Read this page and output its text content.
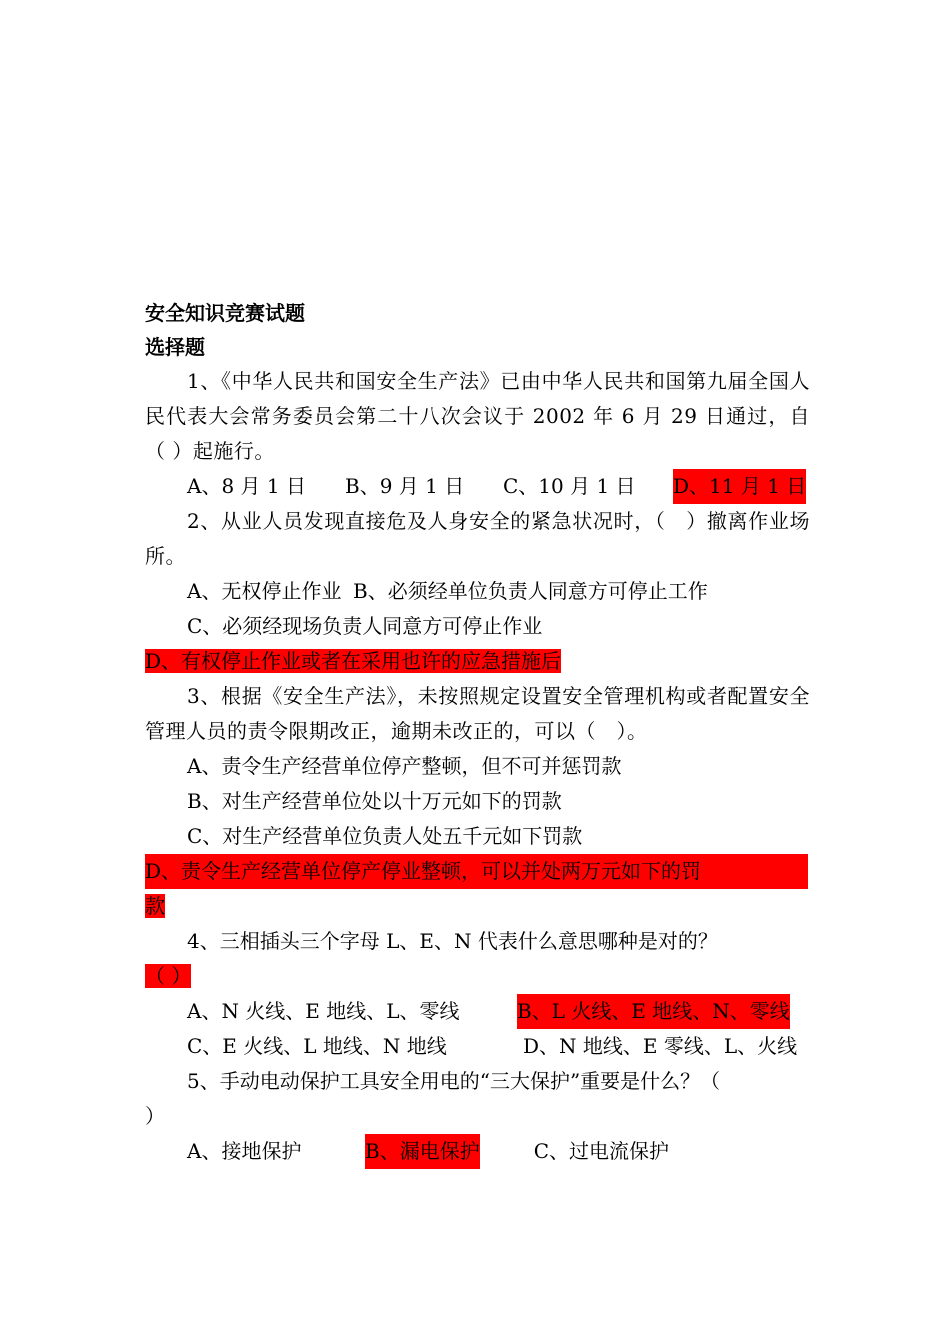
安全知识竞赛试题
选择题
1、《中华人民共和国安全生产法》已由中华人民共和国第九届全国人民代表大会常务委员会第二十八次会议于 2002 年 6 月 29 日通过，自（ ）起施行。
A、8 月 1 日 B、9 月 1 日 C、10 月 1 日 D、11 月 1 日
2、从业人员发现直接危及人身安全的紧急状况时，（　）撤离作业场所。
A、无权停止作业 B、必须经单位负责人同意方可停止工作
C、必须经现场负责人同意方可停止作业
D、有权停止作业或者在采用也许的应急措施后
3、根据《安全生产法》，未按照规定设置安全管理机构或者配置安全管理人员的责令限期改正，逾期未改正的，可以（　）。
A、责令生产经营单位停产整顿，但不可并惩罚款
B、对生产经营单位处以十万元如下的罚款
C、对生产经营单位负责人处五千元如下罚款
D、责令生产经营单位停产停业整顿，可以并处两万元如下的罚
款
4、三相插头三个字母 L、E、N 代表什么意思哪种是对的？
（ ）
A、N 火线、E 地线、L、零线	B、L 火线、E 地线、N、零线
C、E 火线、L 地线、N 地线	D、N 地线、E 零线、L、火线
5、手动电动保护工具安全用电的“三大保护”重要是什么？（
）
A、接地保护	B、漏电保护	C、过电流保护
